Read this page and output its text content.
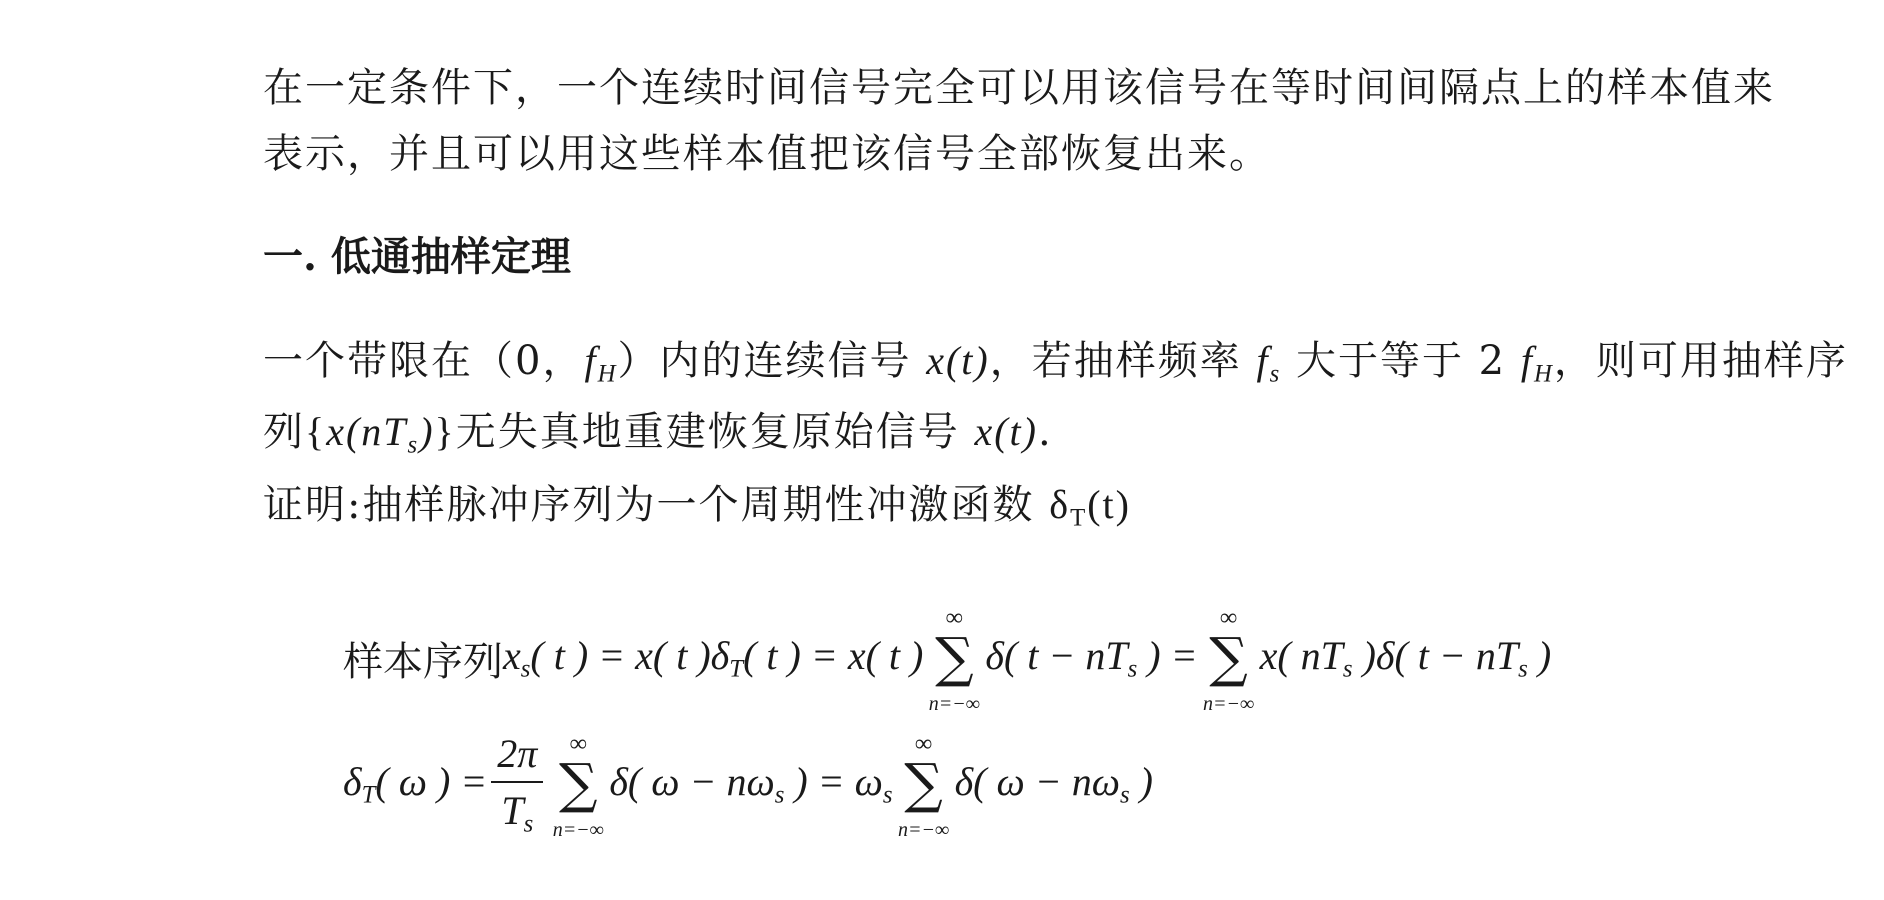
在一定条件下，一个连续时间信号完全可以用该信号在等时间间隔点上的样本值来
表示，并且可以用这些样本值把该信号全部恢复出来。
一. 低通抽样定理
一个带限在（0，$f_H$）内的连续信号 x(t)，若抽样频率 $f_s$ 大于等于 2 $f_H$，则可用抽样序
列$\{x(nT_s)\}$无失真地重建恢复原始信号 x(t).
证明:抽样脉冲序列为一个周期性冲激函数 $\delta_T(t)$
样本序列 $x_s$( t ) = x( t )$\delta_T$( t ) = x( t )
∞
∑
n=−∞
δ( $t - nT_s$ ) =
∞
∑
n=−∞
x( $nT_s$ )δ( $t - nT_s$ )
$\delta_T$( ω ) = $\frac{2\pi}{T_s}$	∞
∑
n=−∞
δ( $\omega - n\omega_s$ ) = $\omega_s$
∞
∑
n=−∞
δ( $\omega - n\omega_s$ )
